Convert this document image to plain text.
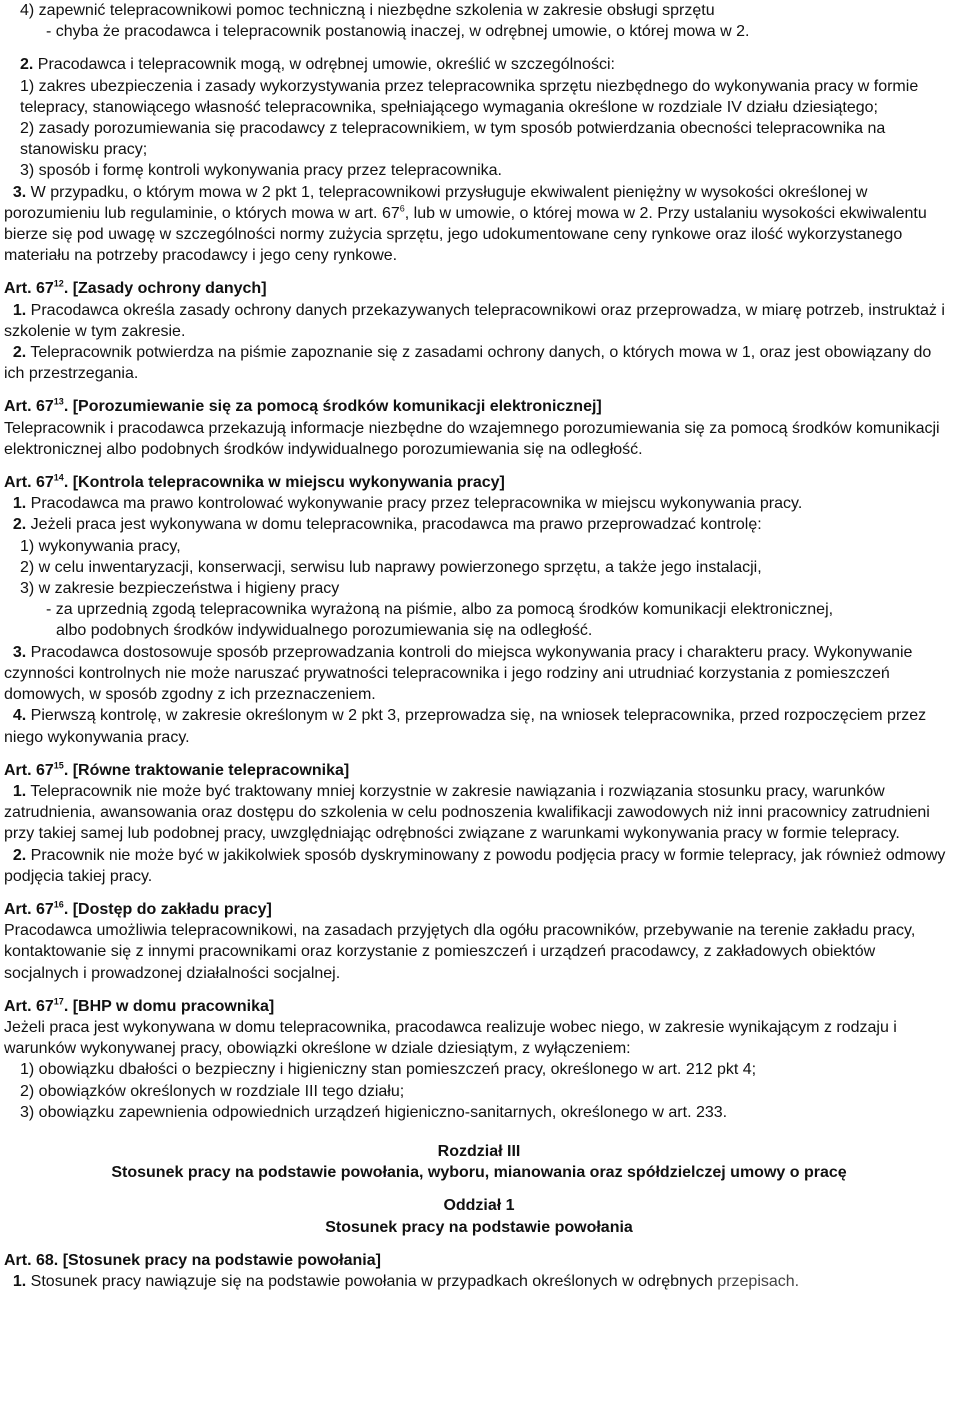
4) zapewnić telepracownikowi pomoc techniczną i niezbędne szkolenia w zakresie obsługi sprzętu

- chyba że pracodawca i telepracownik postanowią inaczej, w odrębnej umowie, o której mowa w 2.

2. Pracodawca i telepracownik mogą, w odrębnej umowie, określić w szczególności:

1) zakres ubezpieczenia i zasady wykorzystywania przez telepracownika sprzętu niezbędnego do wykonywania pracy w formie telepracy, stanowiącego własność telepracownika, spełniającego wymagania określone w rozdziale IV działu dziesiątego;

2) zasady porozumiewania się pracodawcy z telepracownikiem, w tym sposób potwierdzania obecności telepracownika na stanowisku pracy;

3) sposób i formę kontroli wykonywania pracy przez telepracownika.

3. W przypadku, o którym mowa w 2 pkt 1, telepracownikowi przysługuje ekwiwalent pieniężny w wysokości określonej w porozumieniu lub regulaminie, o których mowa w art. $67^6$, lub w umowie, o której mowa w 2. Przy ustalaniu wysokości ekwiwalentu bierze się pod uwagę w szczególności normy zużycia sprzętu, jego udokumentowane ceny rynkowe oraz ilość wykorzystanego materiału na potrzeby pracodawcy i jego ceny rynkowe.

Art. $67^{12}$. [Zasady ochrony danych]

1. Pracodawca określa zasady ochrony danych przekazywanych telepracownikowi oraz przeprowadza, w miarę potrzeb, instruktaż i szkolenie w tym zakresie.

2. Telepracownik potwierdza na piśmie zapoznanie się z zasadami ochrony danych, o których mowa w 1, oraz jest obowiązany do ich przestrzegania.

Art. $67^{13}$. [Porozumiewanie się za pomocą środków komunikacji elektronicznej]

Telepracownik i pracodawca przekazują informacje niezbędne do wzajemnego porozumiewania się za pomocą środków komunikacji elektronicznej albo podobnych środków indywidualnego porozumiewania się na odległość.

Art. $67^{14}$. [Kontrola telepracownika w miejscu wykonywania pracy]

1. Pracodawca ma prawo kontrolować wykonywanie pracy przez telepracownika w miejscu wykonywania pracy.

2. Jeżeli praca jest wykonywana w domu telepracownika, pracodawca ma prawo przeprowadzać kontrolę:

1) wykonywania pracy,

2) w celu inwentaryzacji, konserwacji, serwisu lub naprawy powierzonego sprzętu, a także jego instalacji,

3) w zakresie bezpieczeństwa i higieny pracy

- za uprzednią zgodą telepracownika wyrażoną na piśmie, albo za pomocą środków komunikacji elektronicznej,

albo podobnych środków indywidualnego porozumiewania się na odległość.

3. Pracodawca dostosowuje sposób przeprowadzania kontroli do miejsca wykonywania pracy i charakteru pracy. Wykonywanie czynności kontrolnych nie może naruszać prywatności telepracownika i jego rodziny ani utrudniać korzystania z pomieszczeń domowych, w sposób zgodny z ich przeznaczeniem.

4. Pierwszą kontrolę, w zakresie określonym w 2 pkt 3, przeprowadza się, na wniosek telepracownika, przed rozpoczęciem przez niego wykonywania pracy.

Art. $67^{15}$. [Równe traktowanie telepracownika]

1. Telepracownik nie może być traktowany mniej korzystnie w zakresie nawiązania i rozwiązania stosunku pracy, warunków zatrudnienia, awansowania oraz dostępu do szkolenia w celu podnoszenia kwalifikacji zawodowych niż inni pracownicy zatrudnieni przy takiej samej lub podobnej pracy, uwzględniając odrębności związane z warunkami wykonywania pracy w formie telepracy.

2. Pracownik nie może być w jakikolwiek sposób dyskryminowany z powodu podjęcia pracy w formie telepracy, jak również odmowy podjęcia takiej pracy.

Art. $67^{16}$. [Dostęp do zakładu pracy]

Pracodawca umożliwia telepracownikowi, na zasadach przyjętych dla ogółu pracowników, przebywanie na terenie zakładu pracy, kontaktowanie się z innymi pracownikami oraz korzystanie z pomieszczeń i urządzeń pracodawcy, z zakładowych obiektów socjalnych i prowadzonej działalności socjalnej.

Art. $67^{17}$. [BHP w domu pracownika]

Jeżeli praca jest wykonywana w domu telepracownika, pracodawca realizuje wobec niego, w zakresie wynikającym z rodzaju i warunków wykonywanej pracy, obowiązki określone w dziale dziesiątym, z wyłączeniem:

1) obowiązku dbałości o bezpieczny i higieniczny stan pomieszczeń pracy, określonego w art. 212 pkt 4;

2) obowiązków określonych w rozdziale III tego działu;

3) obowiązku zapewnienia odpowiednich urządzeń higieniczno-sanitarnych, określonego w art. 233.

Rozdział III

Stosunek pracy na podstawie powołania, wyboru, mianowania oraz spółdzielczej umowy o pracę

Oddział 1

Stosunek pracy na podstawie powołania

Art. 68. [Stosunek pracy na podstawie powołania]

1. Stosunek pracy nawiązuje się na podstawie powołania w przypadkach określonych w odrębnych przepisach.
